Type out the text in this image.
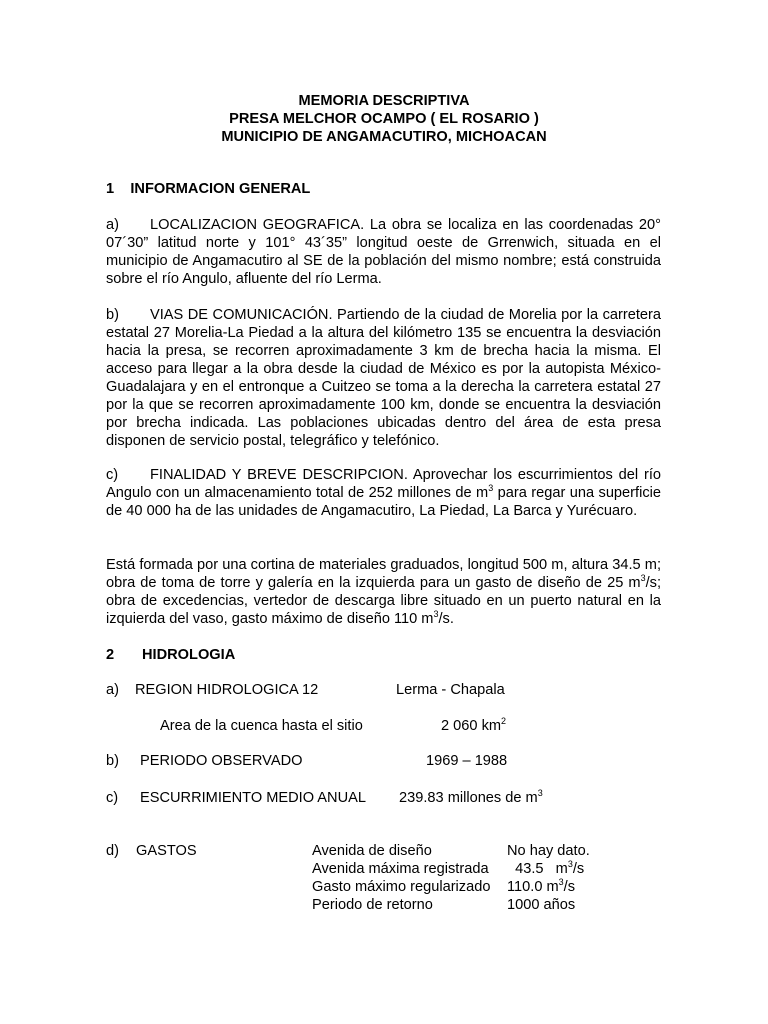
MEMORIA DESCRIPTIVA
PRESA MELCHOR OCAMPO ( EL ROSARIO )
MUNICIPIO DE ANGAMACUTIRO, MICHOACAN
1 INFORMACION GENERAL
a) LOCALIZACION GEOGRAFICA. La obra se localiza en las coordenadas 20° 07´30” latitud norte y 101° 43´35” longitud oeste de Grrenwich, situada en el municipio de Angamacutiro al SE de la población del mismo nombre; está construida sobre el río Angulo, afluente del río Lerma.
b) VIAS DE COMUNICACIÓN. Partiendo de la ciudad de Morelia por la carretera estatal 27 Morelia-La Piedad a la altura del kilómetro 135 se encuentra la desviación hacia la presa, se recorren aproximadamente 3 km de brecha hacia la misma. El acceso para llegar a la obra desde la ciudad de México es por la autopista México-Guadalajara y en el entronque a Cuitzeo se toma a la derecha la carretera estatal 27 por la que se recorren aproximadamente 100 km, donde se encuentra la desviación por brecha indicada. Las poblaciones ubicadas dentro del área de esta presa disponen de servicio postal, telegráfico y telefónico.
c) FINALIDAD Y BREVE DESCRIPCION. Aprovechar los escurrimientos del río Angulo con un almacenamiento total de 252 millones de $m^3$ para regar una superficie de 40 000 ha de las unidades de Angamacutiro, La Piedad, La Barca y Yurécuaro.
Está formada por una cortina de materiales graduados, longitud 500 m, altura 34.5 m; obra de toma de torre y galería en la izquierda para un gasto de diseño de 25 $m^3/s$; obra de excedencias, vertedor de descarga libre situado en un puerto natural en la izquierda del vaso, gasto máximo de diseño 110 $m^3/s$.
2 HIDROLOGIA
a) REGION HIDROLOGICA 12	Lerma - Chapala
Area de la cuenca hasta el sitio	2 060 $km^2$
b) PERIODO OBSERVADO	1969 – 1988
c) ESCURRIMIENTO MEDIO ANUAL 239.83 millones de $m^3$
d) GASTOS	Avenida de diseño	No hay dato.
Avenida máxima registrada 43.5   $m^3/s$
Gasto máximo regularizado 110.0 $m^3/s$
Periodo de retorno	1000 años
